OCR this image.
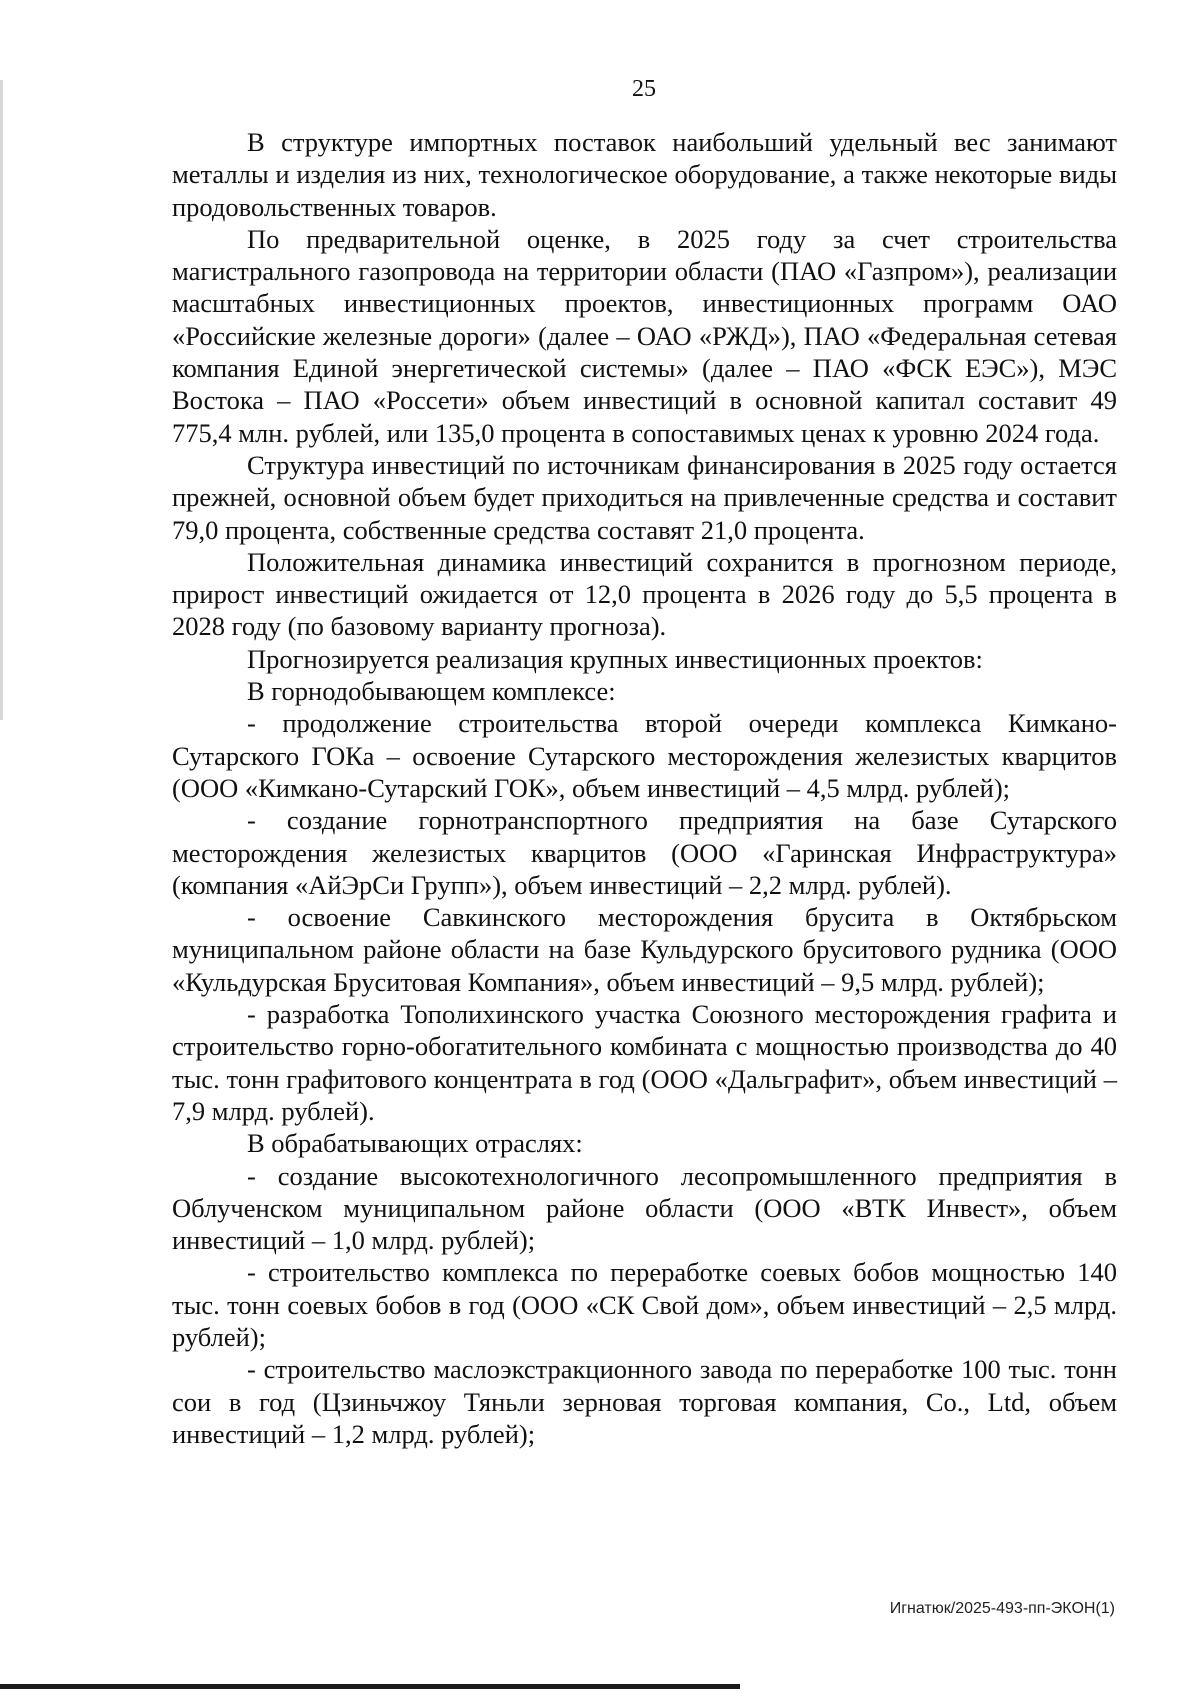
25

В структуре импортных поставок наибольший удельный вес занимают металлы и изделия из них, технологическое оборудование, а также некоторые виды продовольственных товаров.

По предварительной оценке, в 2025 году за счет строительства магистрального газопровода на территории области (ПАО «Газпром»), реализации масштабных инвестиционных проектов, инвестиционных программ ОАО «Российские железные дороги» (далее – ОАО «РЖД»), ПАО «Федеральная сетевая компания Единой энергетической системы» (далее – ПАО «ФСК ЕЭС»), МЭС Востока – ПАО «Россети» объем инвестиций в основной капитал составит 49 775,4 млн. рублей, или 135,0 процента в сопоставимых ценах к уровню 2024 года.

Структура инвестиций по источникам финансирования в 2025 году остается прежней, основной объем будет приходиться на привлеченные средства и составит 79,0 процента, собственные средства составят 21,0 процента.

Положительная динамика инвестиций сохранится в прогнозном периоде, прирост инвестиций ожидается от 12,0 процента в 2026 году до 5,5 процента в 2028 году (по базовому варианту прогноза).

Прогнозируется реализация крупных инвестиционных проектов:

В горнодобывающем комплексе:

- продолжение строительства второй очереди комплекса Кимкано-Сутарского ГОКа – освоение Сутарского месторождения железистых кварцитов (ООО «Кимкано-Сутарский ГОК», объем инвестиций – 4,5 млрд. рублей);

- создание горнотранспортного предприятия на базе Сутарского месторождения железистых кварцитов (ООО «Гаринская Инфраструктура» (компания «АйЭрСи Групп»), объем инвестиций – 2,2 млрд. рублей).

- освоение Савкинского месторождения брусита в Октябрьском муниципальном районе области на базе Кульдурского бруситового рудника (ООО «Кульдурская Бруситовая Компания», объем инвестиций – 9,5 млрд. рублей);

- разработка Тополихинского участка Союзного месторождения графита и строительство горно-обогатительного комбината с мощностью производства до 40 тыс. тонн графитового концентрата в год (ООО «Дальграфит», объем инвестиций – 7,9 млрд. рублей).

В обрабатывающих отраслях:

- создание высокотехнологичного лесопромышленного предприятия в Облученском муниципальном районе области (ООО «ВТК Инвест», объем инвестиций – 1,0 млрд. рублей);

- строительство комплекса по переработке соевых бобов мощностью 140 тыс. тонн соевых бобов в год (ООО «СК Свой дом», объем инвестиций – 2,5 млрд. рублей);

- строительство маслоэкстракционного завода по переработке 100 тыс. тонн сои в год (Цзиньчжоу Тяньли зерновая торговая компания, Co., Ltd, объем инвестиций – 1,2 млрд. рублей);

Игнатюк/2025-493-пп-ЭКОН(1)
